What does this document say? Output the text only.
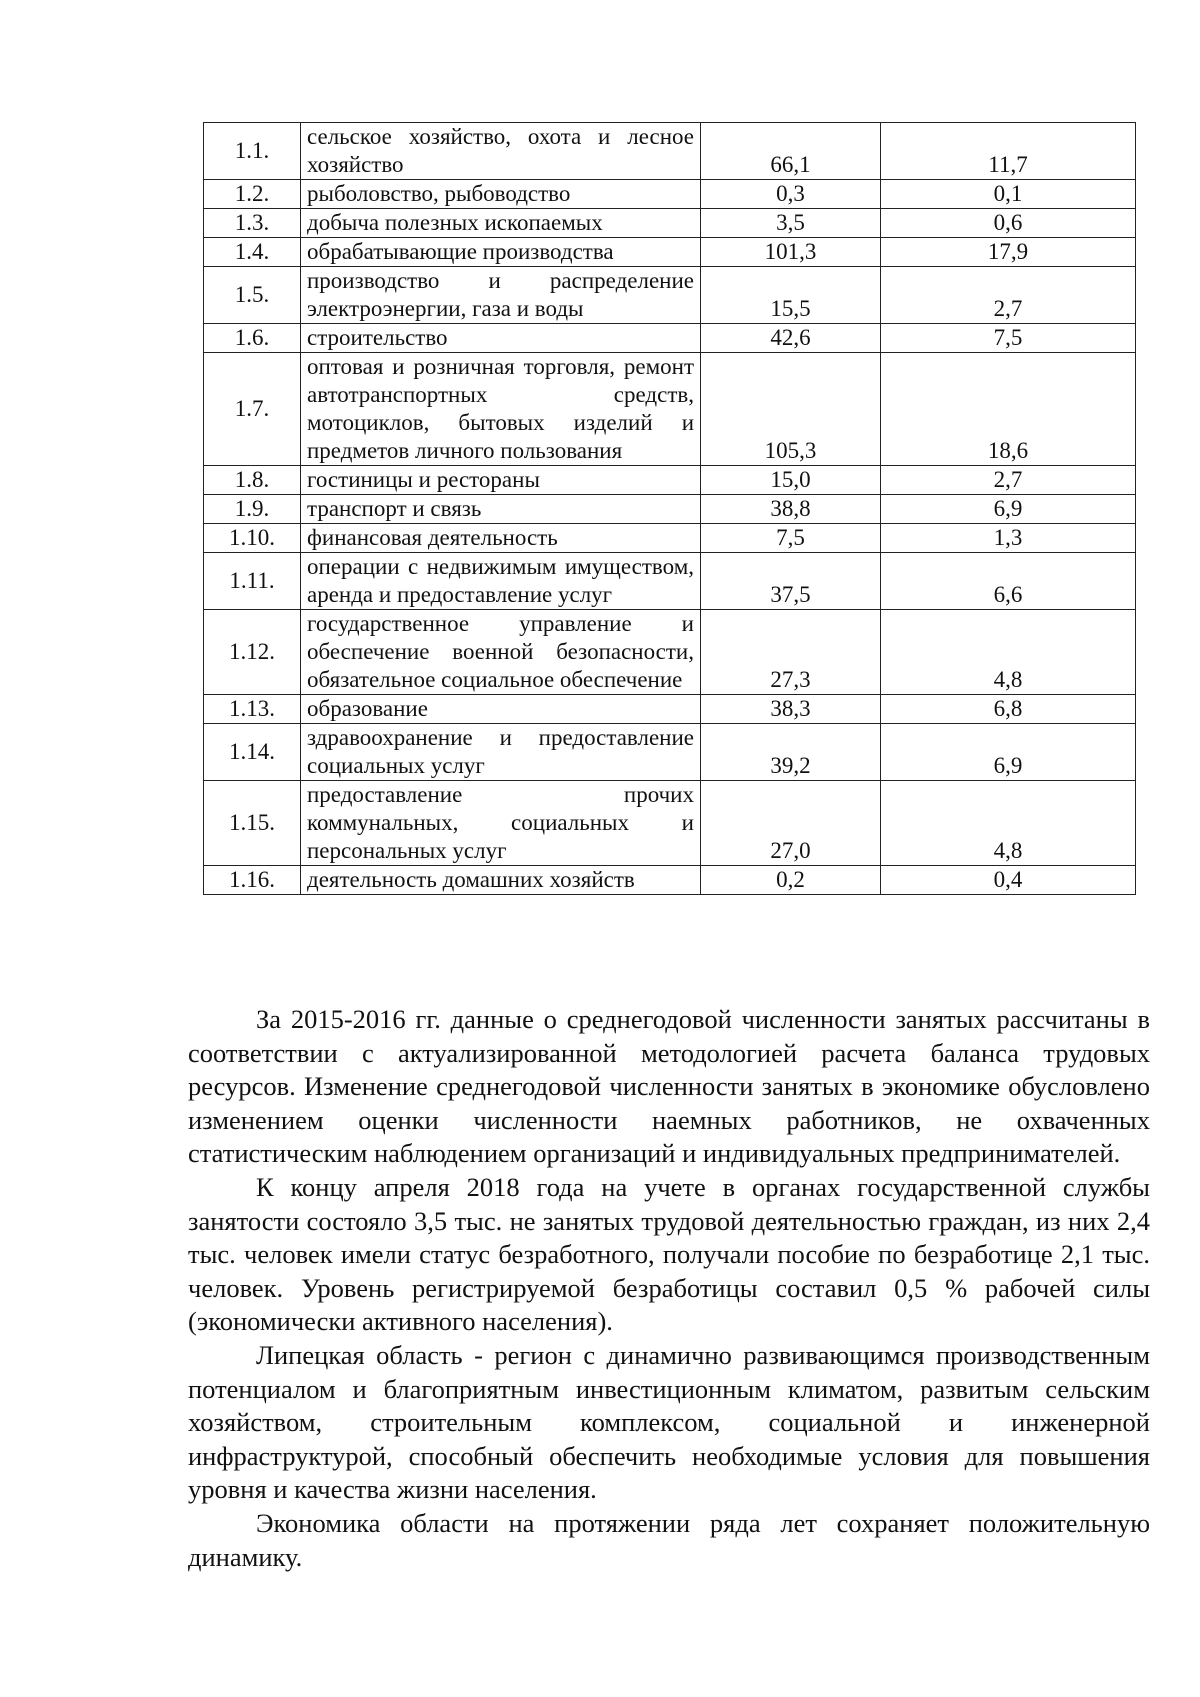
1.1.	сельское хозяйство, охота и лесное хозяйство	66,1	11,7
1.2.	рыболовство, рыбоводство	0,3	0,1
1.3.	добыча полезных ископаемых	3,5	0,6
1.4.	обрабатывающие производства	101,3	17,9
1.5.	производство и распределение электроэнергии, газа и воды	15,5	2,7
1.6.	строительство	42,6	7,5
1.7.	оптовая и розничная торговля, ремонт автотранспортных средств, мотоциклов, бытовых изделий и предметов личного пользования	105,3	18,6
1.8.	гостиницы и рестораны	15,0	2,7
1.9.	транспорт и связь	38,8	6,9
1.10.	финансовая деятельность	7,5	1,3
1.11.	операции с недвижимым имуществом, аренда и предоставление услуг	37,5	6,6
1.12.	государственное управление и обеспечение военной безопасности, обязательное социальное обеспечение	27,3	4,8
1.13.	образование	38,3	6,8
1.14.	здравоохранение и предоставление социальных услуг	39,2	6,9
1.15.	предоставление прочих коммунальных, социальных и персональных услуг	27,0	4,8
1.16.	деятельность домашних хозяйств	0,2	0,4

За 2015-2016 гг. данные о среднегодовой численности занятых рассчитаны в соответствии с актуализированной методологией расчета баланса трудовых ресурсов. Изменение среднегодовой численности занятых в экономике обусловлено изменением оценки численности наемных работников, не охваченных статистическим наблюдением организаций и индивидуальных предпринимателей.

К концу апреля 2018 года на учете в органах государственной службы занятости состояло 3,5 тыс. не занятых трудовой деятельностью граждан, из них 2,4 тыс. человек имели статус безработного, получали пособие по безработице 2,1 тыс. человек. Уровень регистрируемой безработицы составил 0,5 % рабочей силы (экономически активного населения).

Липецкая область - регион с динамично развивающимся производственным потенциалом и благоприятным инвестиционным климатом, развитым сельским хозяйством, строительным комплексом, социальной и инженерной инфраструктурой, способный обеспечить необходимые условия для повышения уровня и качества жизни населения.

Экономика области на протяжении ряда лет сохраняет положительную динамику.
